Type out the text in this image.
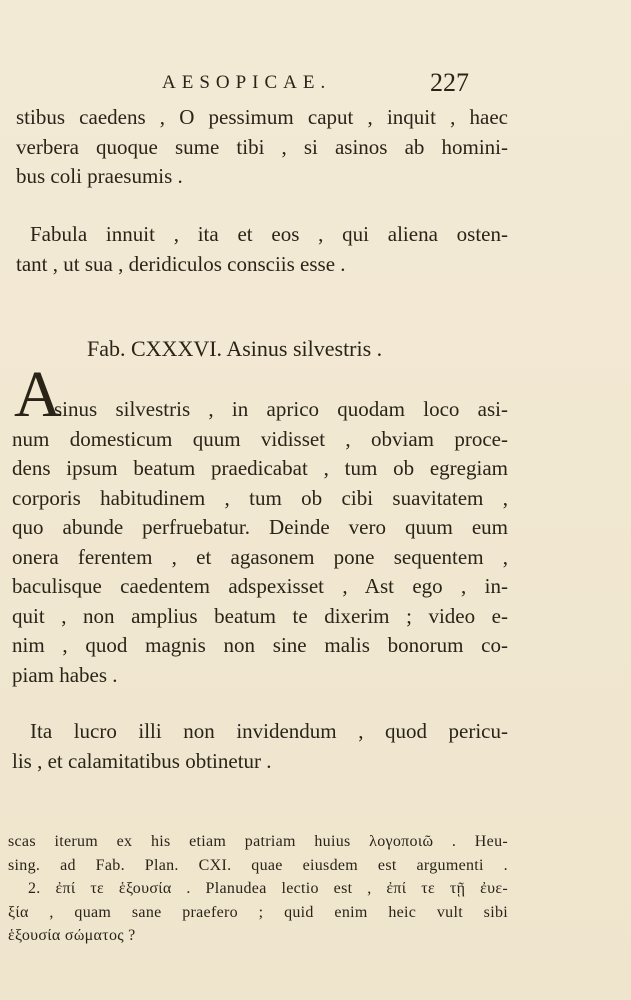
AESOPICAE.	227
stibus caedens , O pessimum caput , inquit , haec
verbera quoque sume tibi , si asinos ab homini-
bus coli praesumis .
Fabula innuit , ita et eos , qui aliena osten-
tant , ut sua , deridiculos consciis esse .
Fab. CXXXVI. Asinus silvestris .
A
sinus silvestris , in aprico quodam loco asi-
num domesticum quum vidisset , obviam proce-
dens ipsum beatum praedicabat , tum ob egregiam
corporis habitudinem , tum ob cibi suavitatem ,
quo abunde perfruebatur. Deinde vero quum eum
onera ferentem , et agasonem pone sequentem ,
baculisque caedentem adspexisset , Ast ego , in-
quit , non amplius beatum te dixerim ; video e-
nim , quod magnis non sine malis bonorum co-
piam habes .
Ita lucro illi non invidendum , quod pericu-
lis , et calamitatibus obtinetur .
scas iterum ex his etiam patriam huius λογοποιῶ . Heu-
sing. ad Fab. Plan. CXI. quae eiusdem est argumenti .
2. ἐπί τε ἑξουσία . Planudea lectio est , ἐπί τε τῇ ἐυε-
ξία , quam sane praefero ; quid enim heic vult sibi
ἑξουσία σώματος ?
